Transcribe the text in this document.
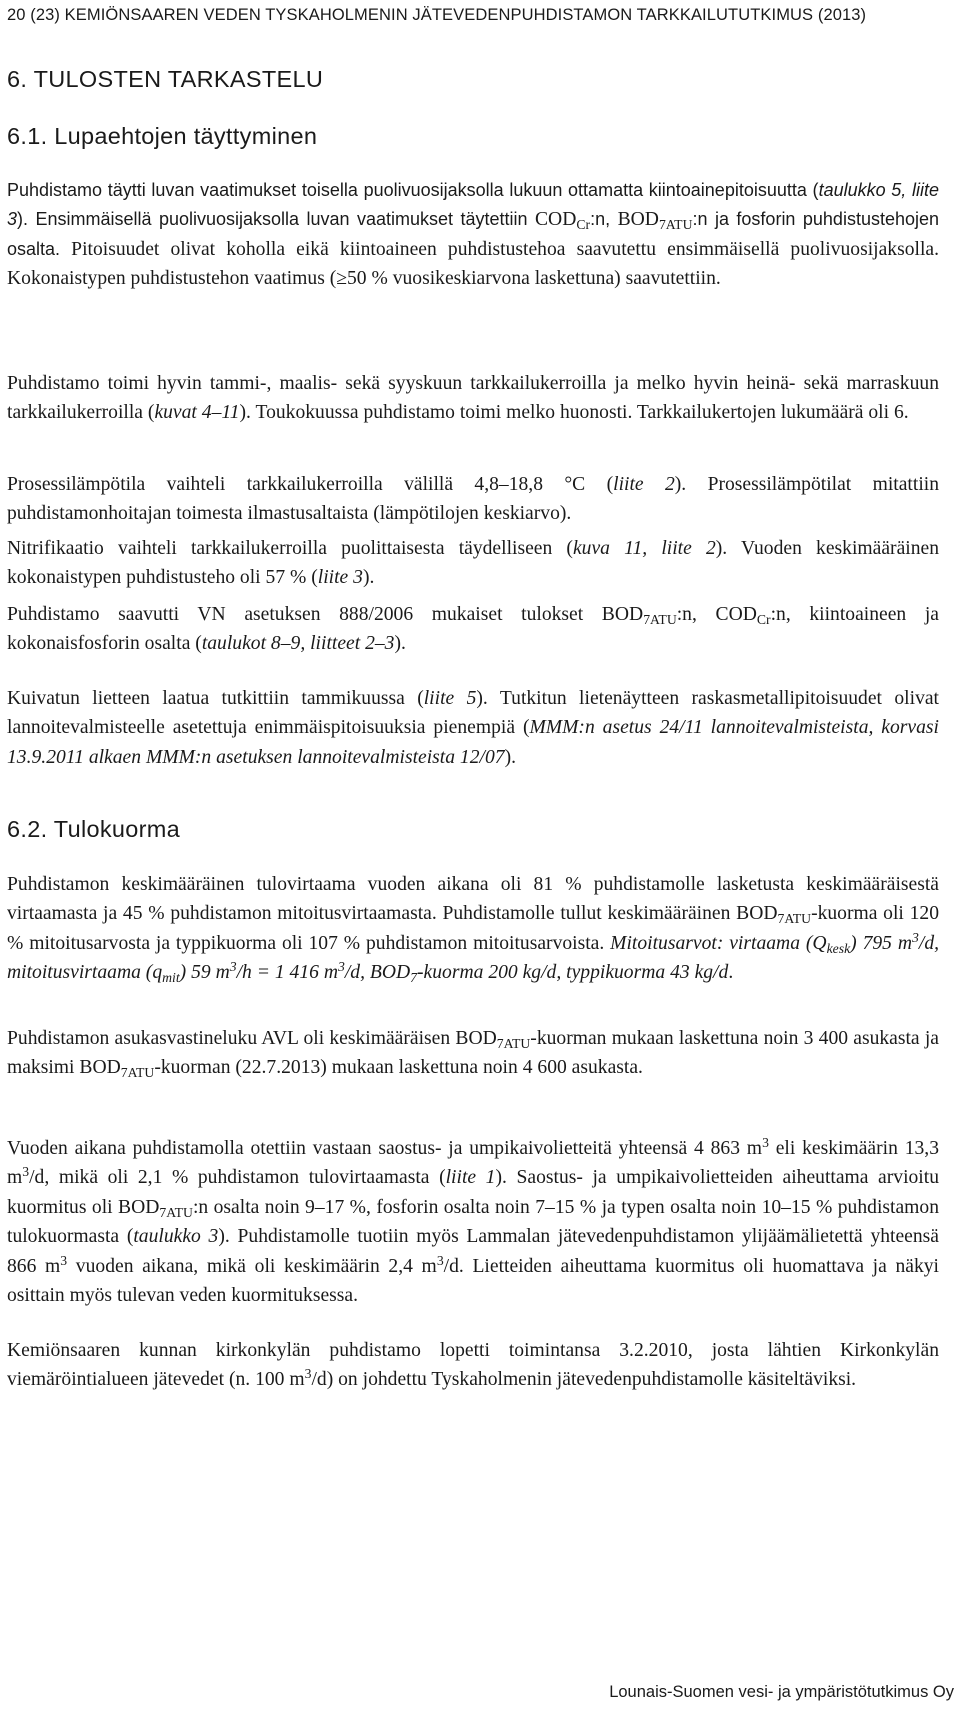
20 (23) KEMIÖNSAAREN VEDEN TYSKAHOLMENIN JÄTEVEDENPUHDISTAMON TARKKAILUTUTKIMUS (2013)
6. TULOSTEN TARKASTELU
6.1. Lupaehtojen täyttyminen
Puhdistamo täytti luvan vaatimukset toisella puolivuosijaksolla lukuun ottamatta kiintoainepitoisuutta (taulukko 5, liite 3). Ensimmäisellä puolivuosijaksolla luvan vaatimukset täytettiin $COD_{Cr}:n$, $BOD_{7ATU}:n$ ja fosforin puhdistustehojen osalta. Pitoisuudet olivat koholla eikä kiintoaineen puhdistustehoa saavutettu ensimmäisellä puolivuosijaksolla. Kokonaistypen puhdistustehon vaatimus (≥50 % vuosikeskiarvona laskettuna) saavutettiin.
Puhdistamo toimi hyvin tammi-, maalis- sekä syyskuun tarkkailukerroilla ja melko hyvin heinä- sekä marraskuun tarkkailukerroilla (kuvat 4–11). Toukokuussa puhdistamo toimi melko huonosti. Tarkkailukertojen lukumäärä oli 6.
Prosessilämpötila vaihteli tarkkailukerroilla välillä 4,8–18,8 °C (liite 2). Prosessilämpötilat mitattiin puhdistamonhoitajan toimesta ilmastusaltaista (lämpötilojen keskiarvo).
Nitrifikaatio vaihteli tarkkailukerroilla puolittaisesta täydelliseen (kuva 11, liite 2). Vuoden keskimääräinen kokonaistypen puhdistusteho oli 57 % (liite 3).
Puhdistamo saavutti VN asetuksen 888/2006 mukaiset tulokset $BOD_{7ATU}:n$, $COD_{Cr}:n$, kiintoaineen ja kokonaisfosforin osalta (taulukot 8–9, liitteet 2–3).
Kuivatun lietteen laatua tutkittiin tammikuussa (liite 5). Tutkitun lietenäytteen raskasmetallipitoisuudet olivat lannoitevalmisteelle asetettuja enimmäispitoisuuksia pienempiä (MMM:n asetus 24/11 lannoitevalmisteista, korvasi 13.9.2011 alkaen MMM:n asetuksen lannoitevalmisteista 12/07).
6.2. Tulokuorma
Puhdistamon keskimääräinen tulovirtaama vuoden aikana oli 81 % puhdistamolle lasketusta keskimääräisestä virtaamasta ja 45 % puhdistamon mitoitusvirtaamasta. Puhdistamolle tullut keskimääräinen $BOD_{7ATU}$-kuorma oli 120 % mitoitusarvosta ja typpikuorma oli 107 % puhdistamon mitoitusarvoista. Mitoitusarvot: virtaama $(Q_{kesk})$ 795 $m^3/d$, mitoitusvirtaama $(q_{mit})$ 59 $m^3/h = 1$ 416 $m^3/d$, $BOD_7$-kuorma 200 kg/d, typpikuorma 43 kg/d.
Puhdistamon asukasvastineluku AVL oli keskimääräisen $BOD_{7ATU}$-kuorman mukaan laskettuna noin 3 400 asukasta ja maksimi $BOD_{7ATU}$-kuorman (22.7.2013) mukaan laskettuna noin 4 600 asukasta.
Vuoden aikana puhdistamolla otettiin vastaan saostus- ja umpikaivolietteitä yhteensä 4 863 $m^3$ eli keskimäärin 13,3 $m^3/d$, mikä oli 2,1 % puhdistamon tulovirtaamasta (liite 1). Saostus- ja umpikaivolietteiden aiheuttama arvioitu kuormitus oli $BOD_{7ATU}:n$ osalta noin 9–17 %, fosforin osalta noin 7–15 % ja typen osalta noin 10–15 % puhdistamon tulokuormasta (taulukko 3). Puhdistamolle tuotiin myös Lammalan jätevedenpuhdistamon ylijäämälietettä yhteensä 866 $m^3$ vuoden aikana, mikä oli keskimäärin 2,4 $m^3/d$. Lietteiden aiheuttama kuormitus oli huomattava ja näkyi osittain myös tulevan veden kuormituksessa.
Kemiönsaaren kunnan kirkonkylän puhdistamo lopetti toimintansa 3.2.2010, josta lähtien Kirkonkylän viemäröintialueen jätevedet (n. 100 $m^3/d$) on johdettu Tyskaholmenin jätevedenpuhdistamolle käsiteltäviksi.
Lounais-Suomen vesi- ja ympäristötutkimus Oy
